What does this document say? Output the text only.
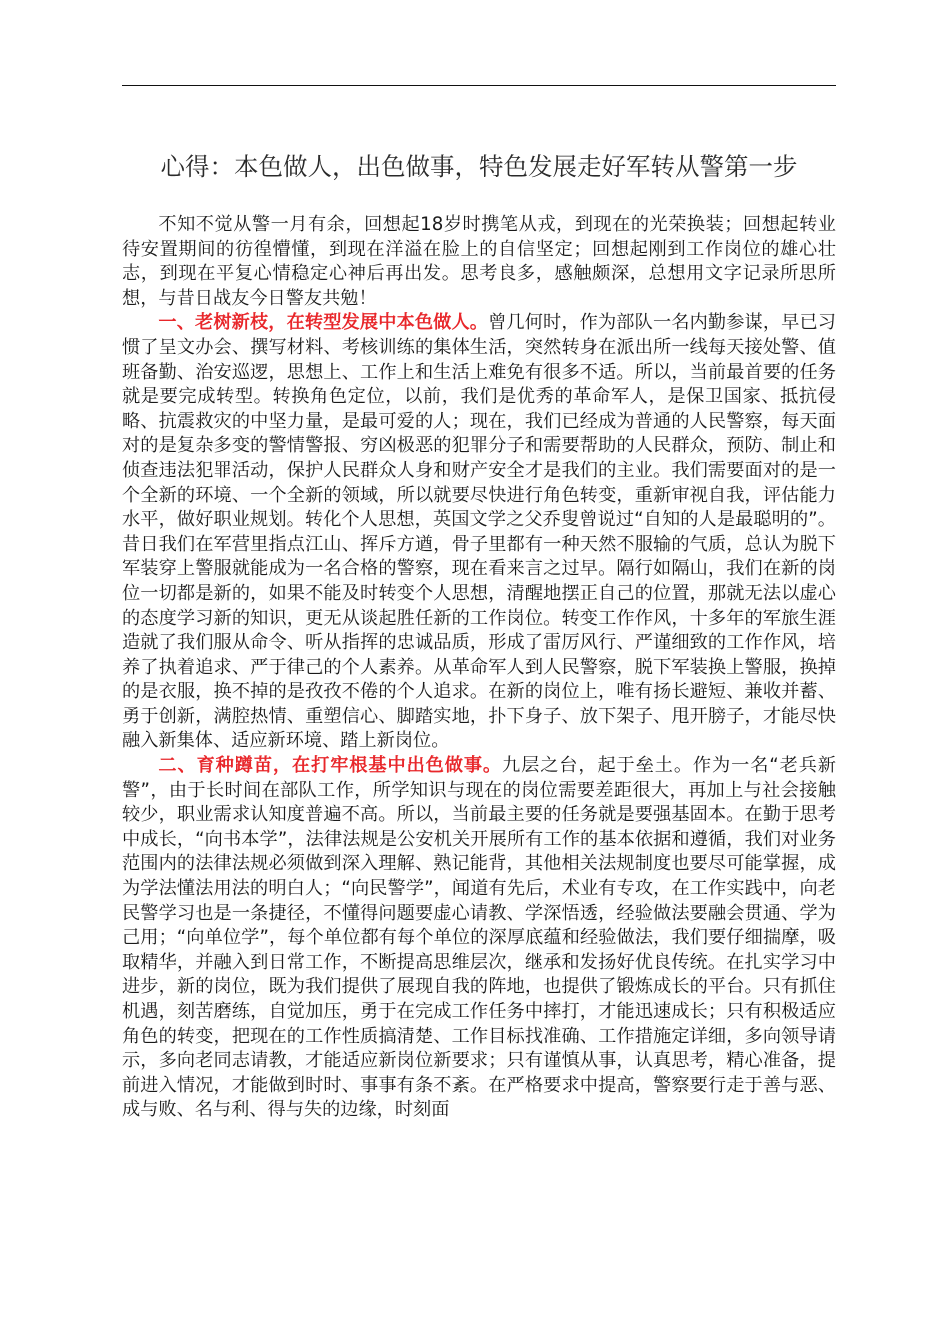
心得：本色做人，出色做事，特色发展走好军转从警第一步

不知不觉从警一月有余，回想起18岁时携笔从戎，到现在的光荣换装；回想起转业待安置期间的彷徨懵懂，到现在洋溢在脸上的自信坚定；回想起刚到工作岗位的雄心壮志，到现在平复心情稳定心神后再出发。思考良多，感触颇深，总想用文字记录所思所想，与昔日战友今日警友共勉！

一、老树新枝，在转型发展中本色做人。曾几何时，作为部队一名内勤参谋，早已习惯了呈文办会、撰写材料、考核训练的集体生活，突然转身在派出所一线每天接处警、值班备勤、治安巡逻，思想上、工作上和生活上难免有很多不适。所以，当前最首要的任务就是要完成转型。转换角色定位，以前，我们是优秀的革命军人，是保卫国家、抵抗侵略、抗震救灾的中坚力量，是最可爱的人；现在，我们已经成为普通的人民警察，每天面对的是复杂多变的警情警报、穷凶极恶的犯罪分子和需要帮助的人民群众，预防、制止和侦查违法犯罪活动，保护人民群众人身和财产安全才是我们的主业。我们需要面对的是一个全新的环境、一个全新的领域，所以就要尽快进行角色转变，重新审视自我，评估能力水平，做好职业规划。转化个人思想，英国文学之父乔叟曾说过“自知的人是最聪明的”。昔日我们在军营里指点江山、挥斥方遒，骨子里都有一种天然不服输的气质，总认为脱下军装穿上警服就能成为一名合格的警察，现在看来言之过早。隔行如隔山，我们在新的岗位一切都是新的，如果不能及时转变个人思想，清醒地摆正自己的位置，那就无法以虚心的态度学习新的知识，更无从谈起胜任新的工作岗位。转变工作作风，十多年的军旅生涯造就了我们服从命令、听从指挥的忠诚品质，形成了雷厉风行、严谨细致的工作作风，培养了执着追求、严于律己的个人素养。从革命军人到人民警察，脱下军装换上警服，换掉的是衣服，换不掉的是孜孜不倦的个人追求。在新的岗位上，唯有扬长避短、兼收并蓄、勇于创新，满腔热情、重塑信心、脚踏实地，扑下身子、放下架子、甩开膀子，才能尽快融入新集体、适应新环境、踏上新岗位。

二、育种蹲苗，在打牢根基中出色做事。九层之台，起于垒土。作为一名“老兵新警”，由于长时间在部队工作，所学知识与现在的岗位需要差距很大，再加上与社会接触较少，职业需求认知度普遍不高。所以，当前最主要的任务就是要强基固本。在勤于思考中成长，“向书本学”，法律法规是公安机关开展所有工作的基本依据和遵循，我们对业务范围内的法律法规必须做到深入理解、熟记能背，其他相关法规制度也要尽可能掌握，成为学法懂法用法的明白人；“向民警学”，闻道有先后，术业有专攻，在工作实践中，向老民警学习也是一条捷径，不懂得问题要虚心请教、学深悟透，经验做法要融会贯通、学为己用；“向单位学”，每个单位都有每个单位的深厚底蕴和经验做法，我们要仔细揣摩，吸取精华，并融入到日常工作，不断提高思维层次，继承和发扬好优良传统。在扎实学习中进步，新的岗位，既为我们提供了展现自我的阵地，也提供了锻炼成长的平台。只有抓住机遇，刻苦磨练，自觉加压，勇于在完成工作任务中摔打，才能迅速成长；只有积极适应角色的转变，把现在的工作性质搞清楚、工作目标找准确、工作措施定详细，多向领导请示，多向老同志请教，才能适应新岗位新要求；只有谨慎从事，认真思考，精心准备，提前进入情况，才能做到时时、事事有条不紊。在严格要求中提高，警察要行走于善与恶、成与败、名与利、得与失的边缘，时刻面
